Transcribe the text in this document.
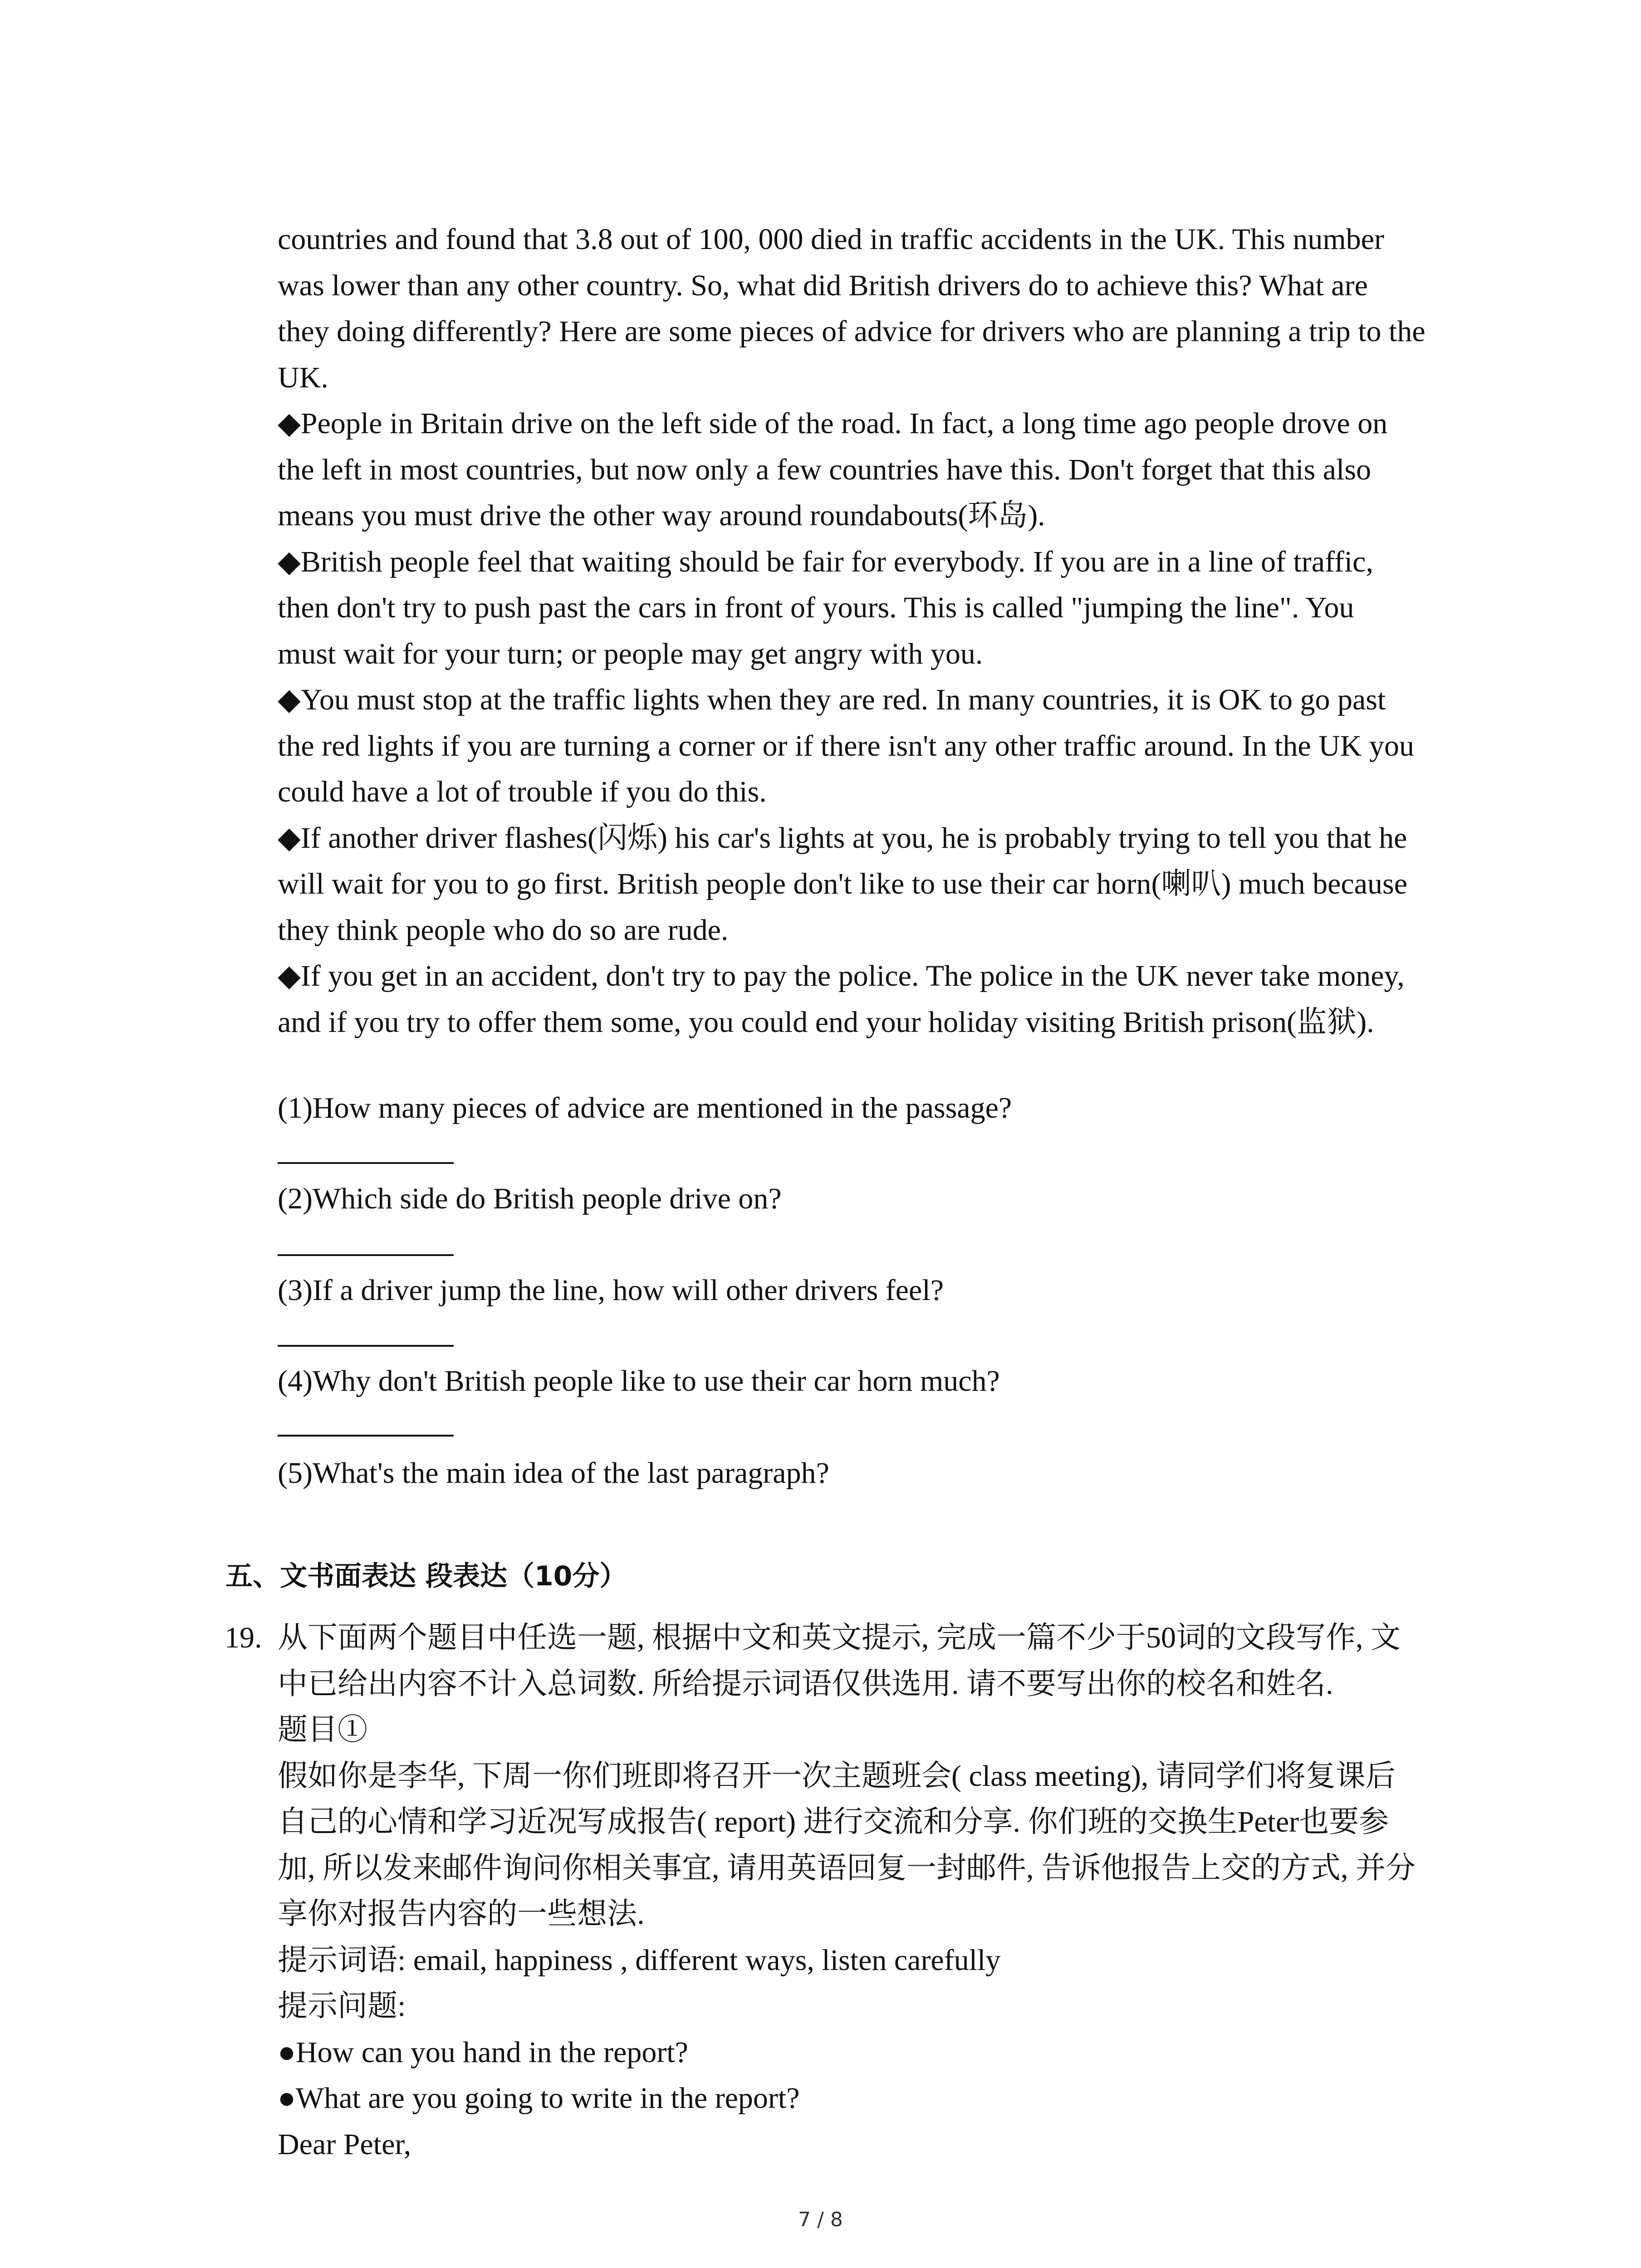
countries and found that 3.8 out of 100, 000 died in traffic accidents in the UK. This number
was lower than any other country. So, what did British drivers do to achieve this? What are
they doing differently? Here are some pieces of advice for drivers who are planning a trip to the
UK.
◆People in Britain drive on the left side of the road. In fact, a long time ago people drove on
the left in most countries, but now only a few countries have this. Don't forget that this also
means you must drive the other way around roundabouts(环岛).
◆British people feel that waiting should be fair for everybody. If you are in a line of traffic,
then don't try to push past the cars in front of yours. This is called "jumping the line". You
must wait for your turn; or people may get angry with you.
◆You must stop at the traffic lights when they are red. In many countries, it is OK to go past
the red lights if you are turning a corner or if there isn't any other traffic around. In the UK you
could have a lot of trouble if you do this.
◆If another driver flashes(闪烁) his car's lights at you, he is probably trying to tell you that he
will wait for you to go first. British people don't like to use their car horn(喇叭) much because
they think people who do so are rude.
◆If you get in an accident, don't try to pay the police. The police in the UK never take money,
and if you try to offer them some, you could end your holiday visiting British prison(监狱).
(1)How many pieces of advice are mentioned in the passage?
(2)Which side do British people drive on?
(3)If a driver jump the line, how will other drivers feel?
(4)Why don't British people like to use their car horn much?
(5)What's the main idea of the last paragraph?
五、文书面表达 段表达（10分）
19. 从下面两个题目中任选一题, 根据中文和英文提示, 完成一篇不少于50词的文段写作, 文
中已给出内容不计入总词数. 所给提示词语仅供选用. 请不要写出你的校名和姓名.
题目①
假如你是李华, 下周一你们班即将召开一次主题班会( class meeting), 请同学们将复课后
自己的心情和学习近况写成报告( report) 进行交流和分享. 你们班的交换生Peter也要参
加, 所以发来邮件询问你相关事宜, 请用英语回复一封邮件, 告诉他报告上交的方式, 并分
享你对报告内容的一些想法.
提示词语: email, happiness , different ways, listen carefully
提示问题:
●How can you hand in the report?
●What are you going to write in the report?
Dear Peter,
7 / 8
